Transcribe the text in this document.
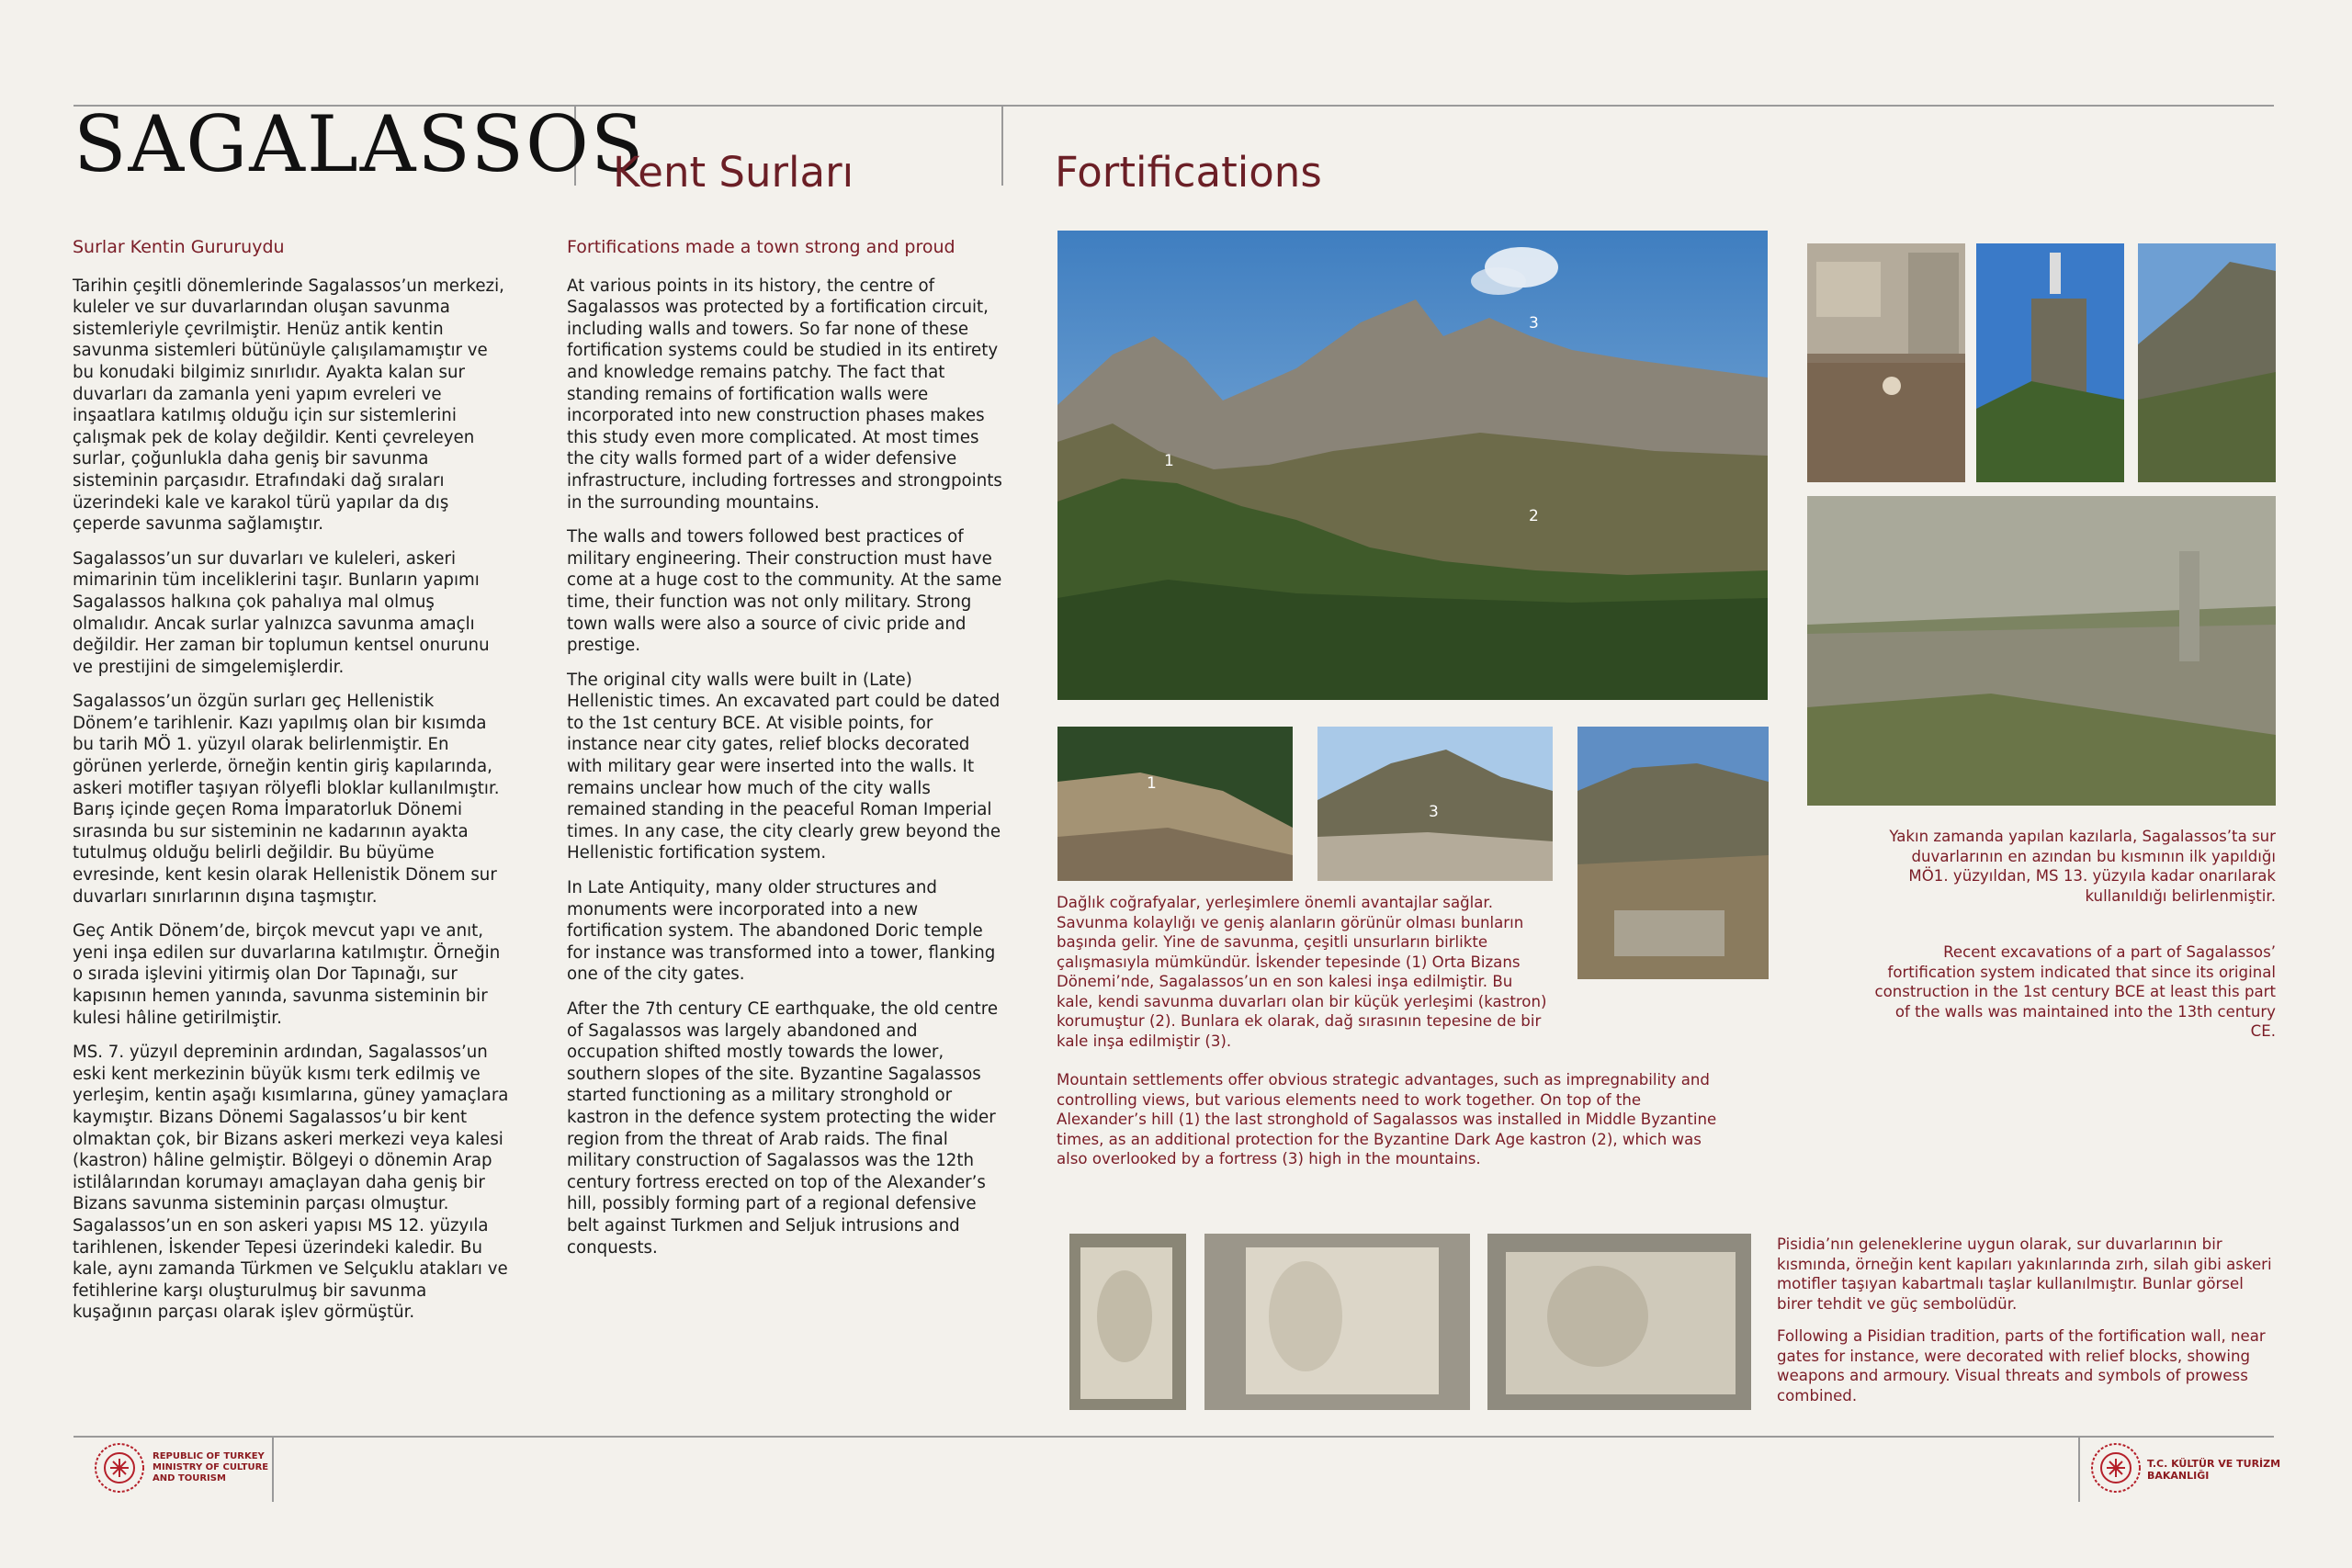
SAGALASSOS
Kent Surları	Fortifications

Surlar Kentin Gururuydu

Tarihin çeşitli dönemlerinde Sagalassos’un merkezi, kuleler ve sur duvarlarından oluşan savunma sistemleriyle çevrilmiştir. Henüz antik kentin savunma sistemleri bütünüyle çalışılamamıştır ve bu konudaki bilgimiz sınırlıdır. Ayakta kalan sur duvarları da zamanla yeni yapım evreleri ve inşaatlara katılmış olduğu için sur sistemlerini çalışmak pek de kolay değildir. Kenti çevreleyen surlar, çoğunlukla daha geniş bir savunma sisteminin parçasıdır. Etrafındaki dağ sıraları üzerindeki kale ve karakol türü yapılar da dış çeperde savunma sağlamıştır.

Sagalassos’un sur duvarları ve kuleleri, askeri mimarinin tüm inceliklerini taşır. Bunların yapımı Sagalassos halkına çok pahalıya mal olmuş olmalıdır. Ancak surlar yalnızca savunma amaçlı değildir. Her zaman bir toplumun kentsel onurunu ve prestijini de simgelemişlerdir.

Sagalassos’un özgün surları geç Hellenistik Dönem’e tarihlenir. Kazı yapılmış olan bir kısımda bu tarih MÖ 1. yüzyıl olarak belirlenmiştir. En görünen yerlerde, örneğin kentin giriş kapılarında, askeri motifler taşıyan rölyefli bloklar kullanılmıştır. Barış içinde geçen Roma İmparatorluk Dönemi sırasında bu sur sisteminin ne kadarının ayakta tutulmuş olduğu belirli değildir. Bu büyüme evresinde, kent kesin olarak Hellenistik Dönem sur duvarları sınırlarının dışına taşmıştır.

Geç Antik Dönem’de, birçok mevcut yapı ve anıt, yeni inşa edilen sur duvarlarına katılmıştır. Örneğin o sırada işlevini yitirmiş olan Dor Tapınağı, sur kapısının hemen yanında, savunma sisteminin bir kulesi hâline getirilmiştir.

MS. 7. yüzyıl depreminin ardından, Sagalassos’un eski kent merkezinin büyük kısmı terk edilmiş ve yerleşim, kentin aşağı kısımlarına, güney yamaçlara kaymıştır. Bizans Dönemi Sagalassos’u bir kent olmaktan çok, bir Bizans askeri merkezi veya kalesi (kastron) hâline gelmiştir. Bölgeyi o dönemin Arap istilâlarından korumayı amaçlayan daha geniş bir Bizans savunma sisteminin parçası olmuştur. Sagalassos’un en son askeri yapısı MS 12. yüzyıla tarihlenen, İskender Tepesi üzerindeki kaledir. Bu kale, aynı zamanda Türkmen ve Selçuklu atakları ve fetihlerine karşı oluşturulmuş bir savunma kuşağının parçası olarak işlev görmüştür.

Fortifications made a town strong and proud

At various points in its history, the centre of Sagalassos was protected by a fortification circuit, including walls and towers. So far none of these fortification systems could be studied in its entirety and knowledge remains patchy. The fact that standing remains of fortification walls were incorporated into new construction phases makes this study even more complicated. At most times the city walls formed part of a wider defensive infrastructure, including fortresses and strongpoints in the surrounding mountains.

The walls and towers followed best practices of military engineering. Their construction must have come at a huge cost to the community. At the same time, their function was not only military. Strong town walls were also a source of civic pride and prestige.

The original city walls were built in (Late) Hellenistic times. An excavated part could be dated to the 1st century BCE. At visible points, for instance near city gates, relief blocks decorated with military gear were inserted into the walls. It remains unclear how much of the city walls remained standing in the peaceful Roman Imperial times. In any case, the city clearly grew beyond the Hellenistic fortification system.

In Late Antiquity, many older structures and monuments were incorporated into a new fortification system. The abandoned Doric temple for instance was transformed into a tower, flanking one of the city gates.

After the 7th century CE earthquake, the old centre of Sagalassos was largely abandoned and occupation shifted mostly towards the lower, southern slopes of the site. Byzantine Sagalassos started functioning as a military stronghold or kastron in the defence system protecting the wider region from the threat of Arab raids. The final military construction of Sagalassos was the 12th century fortress erected on top of the Alexander’s hill, possibly forming part of a regional defensive belt against Turkmen and Seljuk intrusions and conquests.

1
2
3
1
3

Dağlık coğrafyalar, yerleşimlere önemli avantajlar sağlar. Savunma kolaylığı ve geniş alanların görünür olması bunların başında gelir. Yine de savunma, çeşitli unsurların birlikte çalışmasıyla mümkündür. İskender tepesinde (1) Orta Bizans Dönemi’nde, Sagalassos’un en son kalesi inşa edilmiştir. Bu kale, kendi savunma duvarları olan bir küçük yerleşimi (kastron) korumuştur (2). Bunlara ek olarak, dağ sırasının tepesine de bir kale inşa edilmiştir (3).

Mountain settlements offer obvious strategic advantages, such as impregnability and controlling views, but various elements need to work together. On top of the Alexander’s hill (1) the last stronghold of Sagalassos was installed in Middle Byzantine times, as an additional protection for the Byzantine Dark Age kastron (2), which was also overlooked by a fortress (3) high in the mountains.

Yakın zamanda yapılan kazılarla, Sagalassos’ta sur duvarlarının en azından bu kısmının ilk yapıldığı MÖ1. yüzyıldan, MS 13. yüzyıla kadar onarılarak kullanıldığı belirlenmiştir.

Recent excavations of a part of Sagalassos’ fortification system indicated that since its original construction in the 1st century BCE at least this part of the walls was maintained into the 13th century CE.

Pisidia’nın geleneklerine uygun olarak, sur duvarlarının bir kısmında, örneğin kent kapıları yakınlarında zırh, silah gibi askeri motifler taşıyan kabartmalı taşlar kullanılmıştır. Bunlar görsel birer tehdit ve güç sembolüdür.

Following a Pisidian tradition, parts of the fortification wall, near gates for instance, were decorated with relief blocks, showing weapons and armoury. Visual threats and symbols of prowess combined.

REPUBLIC OF TURKEY
MINISTRY OF CULTURE
AND TOURISM
T.C. KÜLTÜR VE TURİZM
BAKANLIĞI
